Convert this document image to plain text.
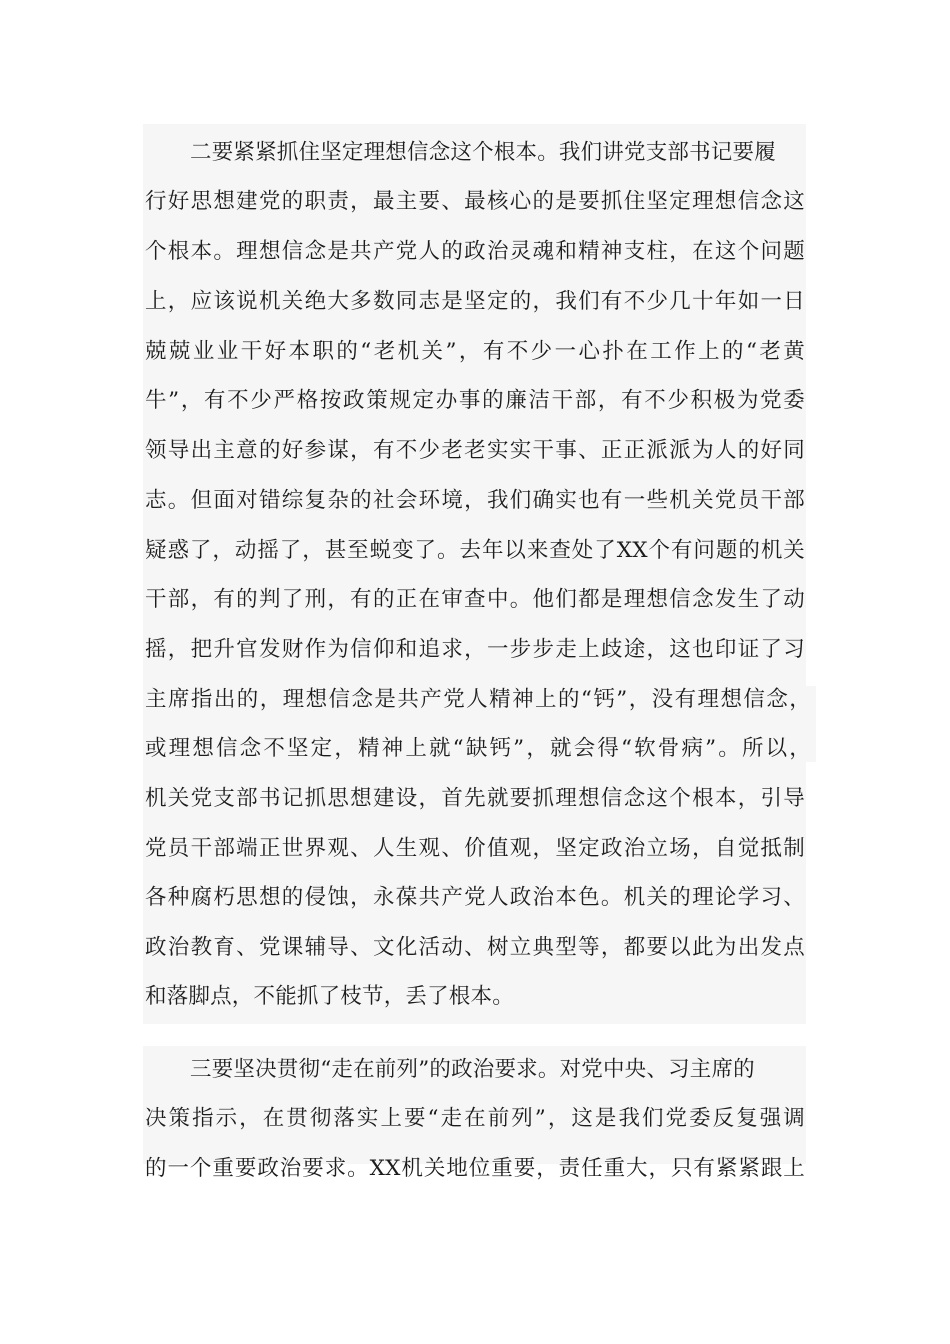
二要紧紧抓住坚定理想信念这个根本。我们讲党支部书记要履
行好思想建党的职责，最主要、最核心的是要抓住坚定理想信念这
个根本。理想信念是共产党人的政治灵魂和精神支柱，在这个问题
上，应该说机关绝大多数同志是坚定的，我们有不少几十年如一日
兢兢业业干好本职的“老机关”，有不少一心扑在工作上的“老黄
牛”，有不少严格按政策规定办事的廉洁干部，有不少积极为党委
领导出主意的好参谋，有不少老老实实干事、正正派派为人的好同
志。但面对错综复杂的社会环境，我们确实也有一些机关党员干部
疑惑了，动摇了，甚至蜕变了。去年以来查处了XX个有问题的机关
干部，有的判了刑，有的正在审查中。他们都是理想信念发生了动
摇，把升官发财作为信仰和追求，一步步走上歧途，这也印证了习
主席指出的，理想信念是共产党人精神上的“钙”，没有理想信念，
或理想信念不坚定，精神上就“缺钙”，就会得“软骨病”。所以，
机关党支部书记抓思想建设，首先就要抓理想信念这个根本，引导
党员干部端正世界观、人生观、价值观，坚定政治立场，自觉抵制
各种腐朽思想的侵蚀，永葆共产党人政治本色。机关的理论学习、
政治教育、党课辅导、文化活动、树立典型等，都要以此为出发点
和落脚点，不能抓了枝节，丢了根本。
三要坚决贯彻“走在前列”的政治要求。对党中央、习主席的
决策指示，在贯彻落实上要“走在前列”，这是我们党委反复强调
的一个重要政治要求。XX机关地位重要，责任重大，只有紧紧跟上
